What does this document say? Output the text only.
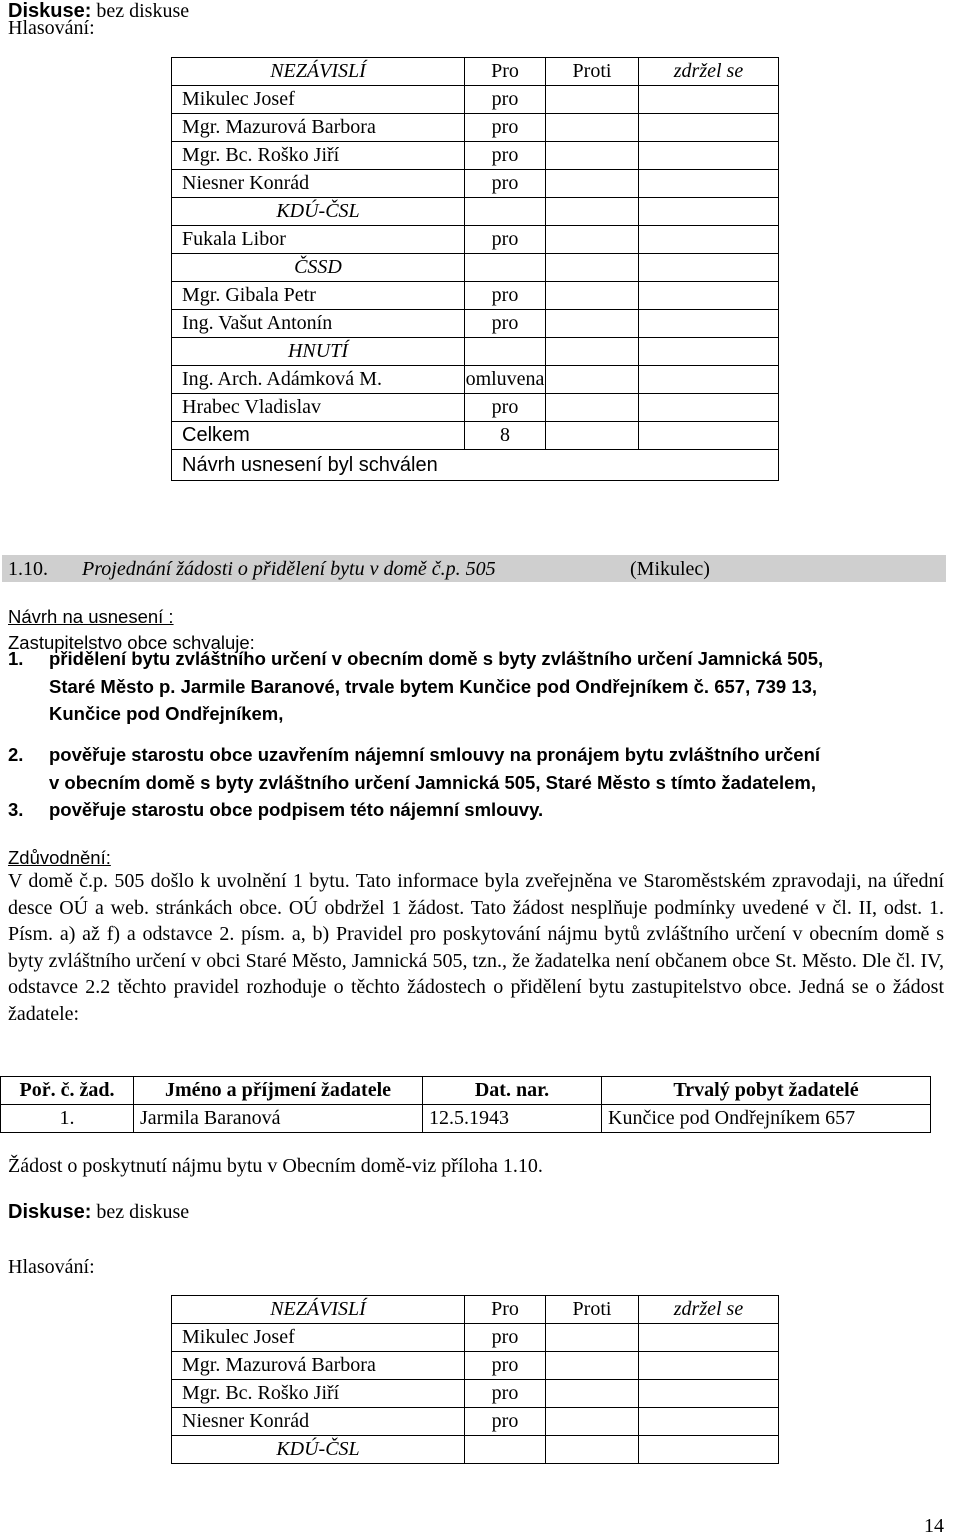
Diskuse: bez diskuse
Hlasování:
NEZÁVISLÍ	Pro	Proti	zdržel se
Mikulec Josef	pro		
Mgr. Mazurová Barbora	pro		
Mgr. Bc. Roško Jiří	pro		
Niesner Konrád	pro		
KDÚ-ČSL			
Fukala Libor	pro		
ČSSD			
Mgr. Gibala Petr	pro		
Ing. Vašut Antonín	pro		
HNUTÍ			
Ing. Arch. Adámková M.	omluvena		
Hrabec Vladislav	pro		
Celkem	8		
Návrh usnesení byl schválen			
1.10. Projednání žádosti o přidělení bytu v domě č.p. 505	(Mikulec)
Návrh na usnesení :
Zastupitelstvo obce schvaluje:
1. přidělení bytu zvláštního určení v obecním domě s byty zvláštního určení Jamnická 505,
Staré Město p. Jarmile Baranové, trvale bytem Kunčice pod Ondřejníkem č. 657, 739 13,
Kunčice pod Ondřejníkem,
2. pověřuje starostu obce uzavřením nájemní smlouvy na pronájem bytu zvláštního určení
v obecním domě s byty zvláštního určení Jamnická 505, Staré Město s tímto žadatelem,
3. pověřuje starostu obce podpisem této nájemní smlouvy.
Zdůvodnění:
V domě č.p. 505 došlo k uvolnění 1 bytu. Tato informace byla zveřejněna ve Staroměstském zpravodaji, na úřední desce OÚ a web. stránkách obce. OÚ obdržel 1 žádost. Tato žádost nesplňuje podmínky uvedené v čl. II, odst. 1. Písm. a) až f) a odstavce 2. písm. a, b) Pravidel pro poskytování nájmu bytů zvláštního určení v obecním domě s byty zvláštního určení v obci Staré Město, Jamnická 505, tzn., že žadatelka není občanem obce St. Město. Dle čl. IV, odstavce 2.2 těchto pravidel rozhoduje o těchto žádostech o přidělení bytu zastupitelstvo obce. Jedná se o žádost žadatele:
Poř. č. žad.	Jméno a příjmení žadatele	Dat. nar.	Trvalý pobyt žadatelé
1.	Jarmila Baranová	12.5.1943	Kunčice pod Ondřejníkem 657
Žádost o poskytnutí nájmu bytu v Obecním domě-viz příloha 1.10.
Diskuse: bez diskuse
Hlasování:
NEZÁVISLÍ	Pro	Proti	zdržel se
Mikulec Josef	pro		
Mgr. Mazurová Barbora	pro		
Mgr. Bc. Roško Jiří	pro		
Niesner Konrád	pro		
KDÚ-ČSL			
14
